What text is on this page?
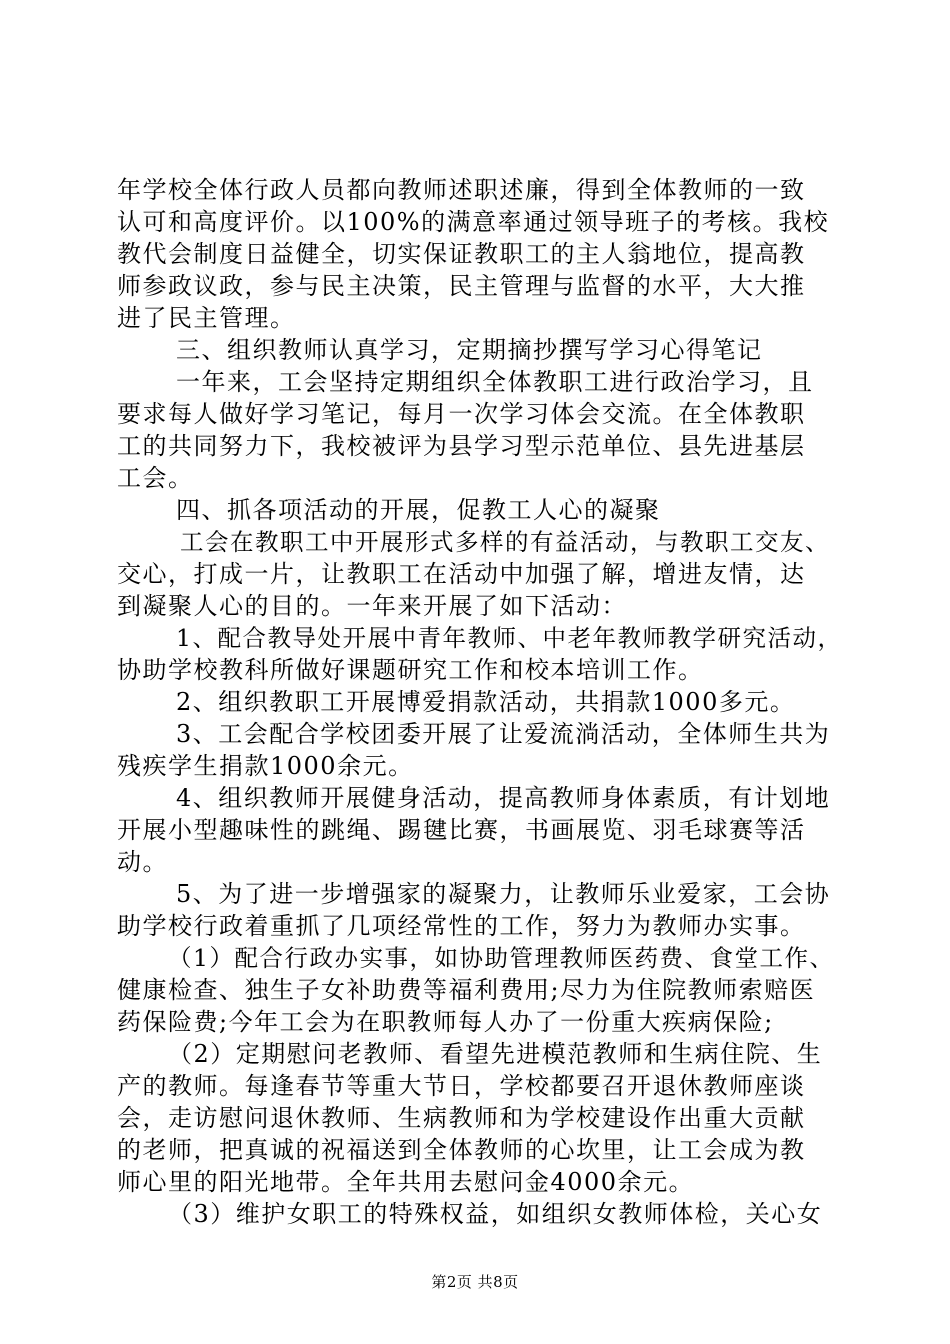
年学校全体行政人员都向教师述职述廉，得到全体教师的一致
认可和高度评价。以100%的满意率通过领导班子的考核。我校
教代会制度日益健全，切实保证教职工的主人翁地位，提高教
师参政议政，参与民主决策，民主管理与监督的水平，大大推
进了民主管理。
三、组织教师认真学习，定期摘抄撰写学习心得笔记
一年来，工会坚持定期组织全体教职工进行政治学习，且
要求每人做好学习笔记，每月一次学习体会交流。在全体教职
工的共同努力下，我校被评为县学习型示范单位、县先进基层
工会。
四、抓各项活动的开展，促教工人心的凝聚
工会在教职工中开展形式多样的有益活动，与教职工交友、
交心，打成一片，让教职工在活动中加强了解，增进友情，达
到凝聚人心的目的。一年来开展了如下活动：
1、配合教导处开展中青年教师、中老年教师教学研究活动，
协助学校教科所做好课题研究工作和校本培训工作。
2、组织教职工开展博爱捐款活动，共捐款1000多元。
3、工会配合学校团委开展了让爱流淌活动，全体师生共为
残疾学生捐款1000余元。
4、组织教师开展健身活动，提高教师身体素质，有计划地
开展小型趣味性的跳绳、踢毽比赛，书画展览、羽毛球赛等活
动。
5、为了进一步增强家的凝聚力，让教师乐业爱家，工会协
助学校行政着重抓了几项经常性的工作，努力为教师办实事。
（1）配合行政办实事，如协助管理教师医药费、食堂工作、
健康检查、独生子女补助费等福利费用;尽力为住院教师索赔医
药保险费;今年工会为在职教师每人办了一份重大疾病保险;
（2）定期慰问老教师、看望先进模范教师和生病住院、生
产的教师。每逢春节等重大节日，学校都要召开退休教师座谈
会，走访慰问退休教师、生病教师和为学校建设作出重大贡献
的老师，把真诚的祝福送到全体教师的心坎里，让工会成为教
师心里的阳光地带。全年共用去慰问金4000余元。
（3）维护女职工的特殊权益，如组织女教师体检，关心女
第2页 共8页
